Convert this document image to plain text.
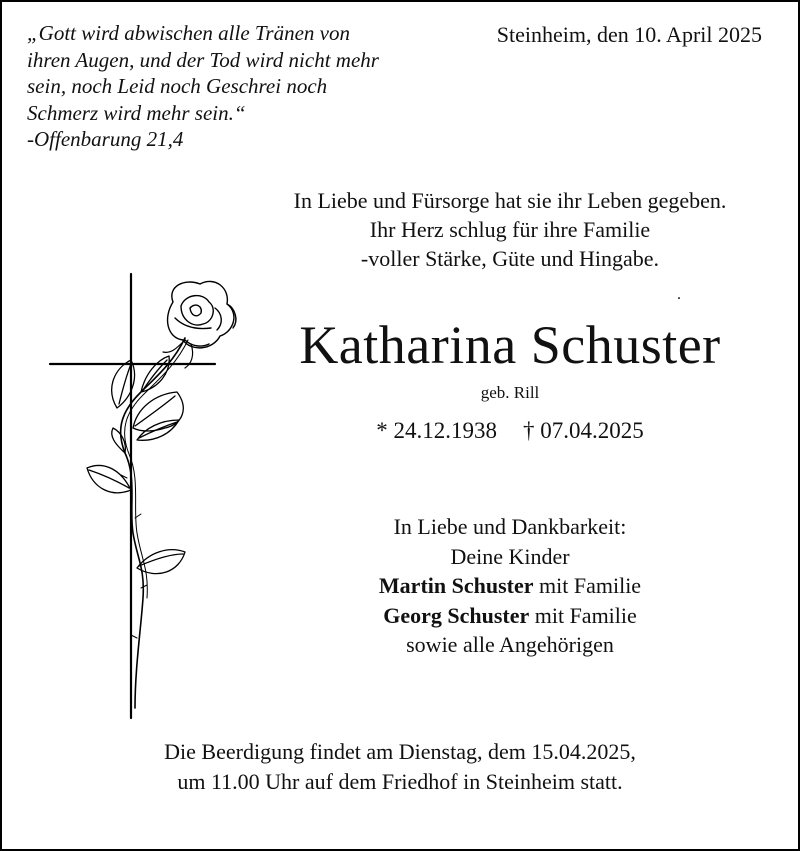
„Gott wird abwischen alle Tränen von
ihren Augen, und der Tod wird nicht mehr
sein, noch Leid noch Geschrei noch
Schmerz wird mehr sein.“
-Offenbarung 21,4
Steinheim, den 10. April 2025
In Liebe und Fürsorge hat sie ihr Leben gegeben.
Ihr Herz schlug für ihre Familie
-voller Stärke, Güte und Hingabe.
.
Katharina Schuster
geb. Rill
* 24.12.1938 † 07.04.2025
In Liebe und Dankbarkeit:
Deine Kinder
Martin Schuster mit Familie
Georg Schuster mit Familie
sowie alle Angehörigen
Die Beerdigung findet am Dienstag, dem 15.04.2025,
um 11.00 Uhr auf dem Friedhof in Steinheim statt.
